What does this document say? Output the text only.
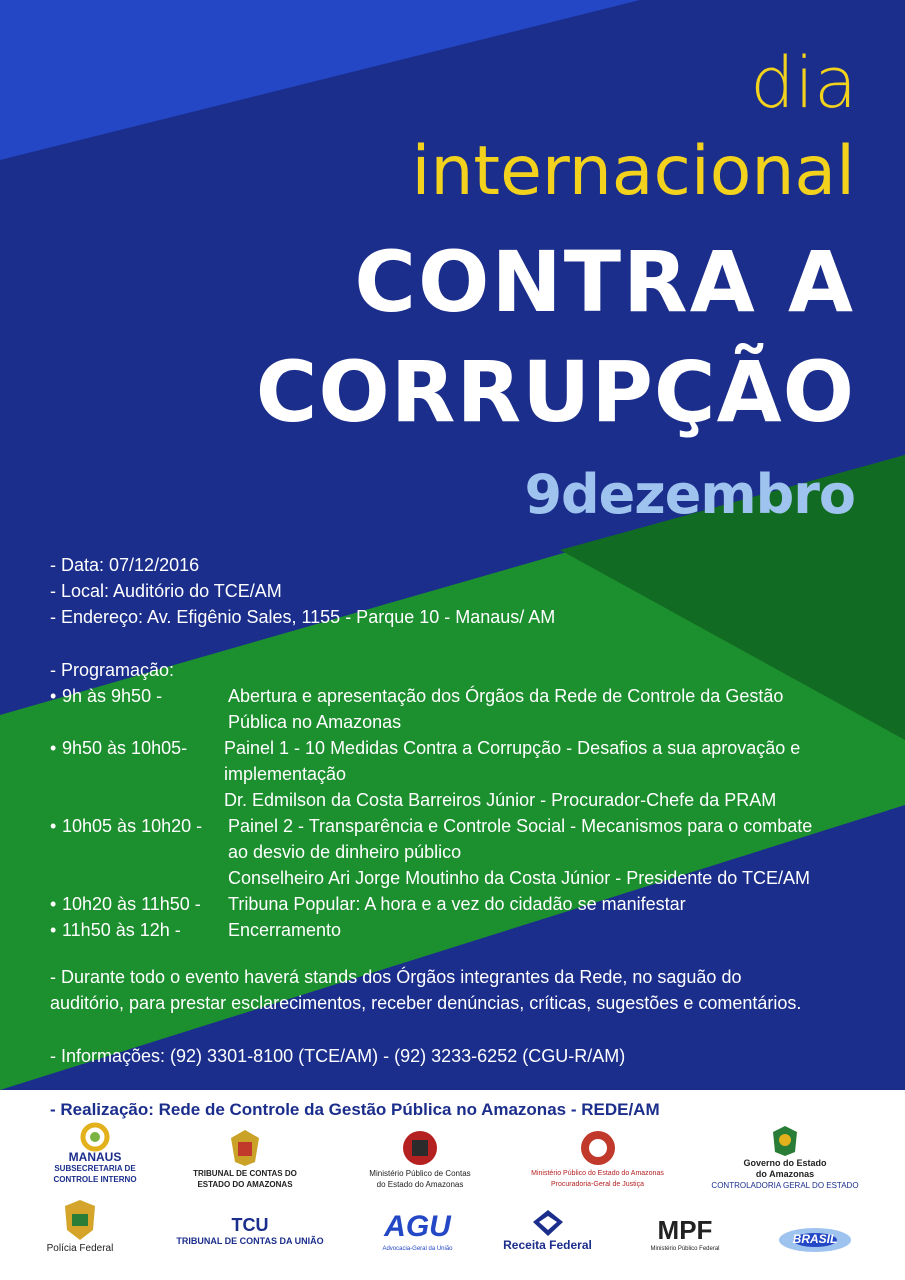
dia
internacional
CONTRA A
CORRUPÇÃO
9dezembro
- Data: 07/12/2016
- Local: Auditório do TCE/AM
- Endereço: Av. Efigênio Sales, 1155 - Parque 10 - Manaus/ AM
- Programação:
• 9h às 9h50 -	Abertura e apresentação dos Órgãos da Rede de Controle da Gestão
Pública no Amazonas
• 9h50 às 10h05-	Painel 1 - 10 Medidas Contra a Corrupção - Desafios a sua aprovação e
implementação
Dr. Edmilson da Costa Barreiros Júnior - Procurador-Chefe da PRAM
• 10h05 às 10h20 -	Painel 2 - Transparência e Controle Social - Mecanismos para o combate
ao desvio de dinheiro público
Conselheiro Ari Jorge Moutinho da Costa Júnior - Presidente do TCE/AM
• 10h20 às 11h50 -	Tribuna Popular: A hora e a vez do cidadão se manifestar
• 11h50 às 12h -	Encerramento
- Durante todo o evento haverá stands dos Órgãos integrantes da Rede, no saguão do
auditório, para prestar esclarecimentos, receber denúncias, críticas, sugestões e comentários.
- Informações: (92) 3301-8100 (TCE/AM) - (92) 3233-6252 (CGU-R/AM)
- Realização: Rede de Controle da Gestão Pública no Amazonas - REDE/AM
MANAUS
SUBSECRETARIA DE
CONTROLE INTERNO
TRIBUNAL DE CONTAS DO
ESTADO DO AMAZONAS
Ministério Público de Contas
do Estado do Amazonas
Ministério Público do Estado do Amazonas
Procuradoria-Geral de Justiça
Governo do Estado
do Amazonas
CONTROLADORIA GERAL DO ESTADO
Polícia Federal
TCU
TRIBUNAL DE CONTAS DA UNIÃO	AGU
Advocacia-Geral da União	Receita Federal	MPF
Ministério Público Federal
BRASIL
